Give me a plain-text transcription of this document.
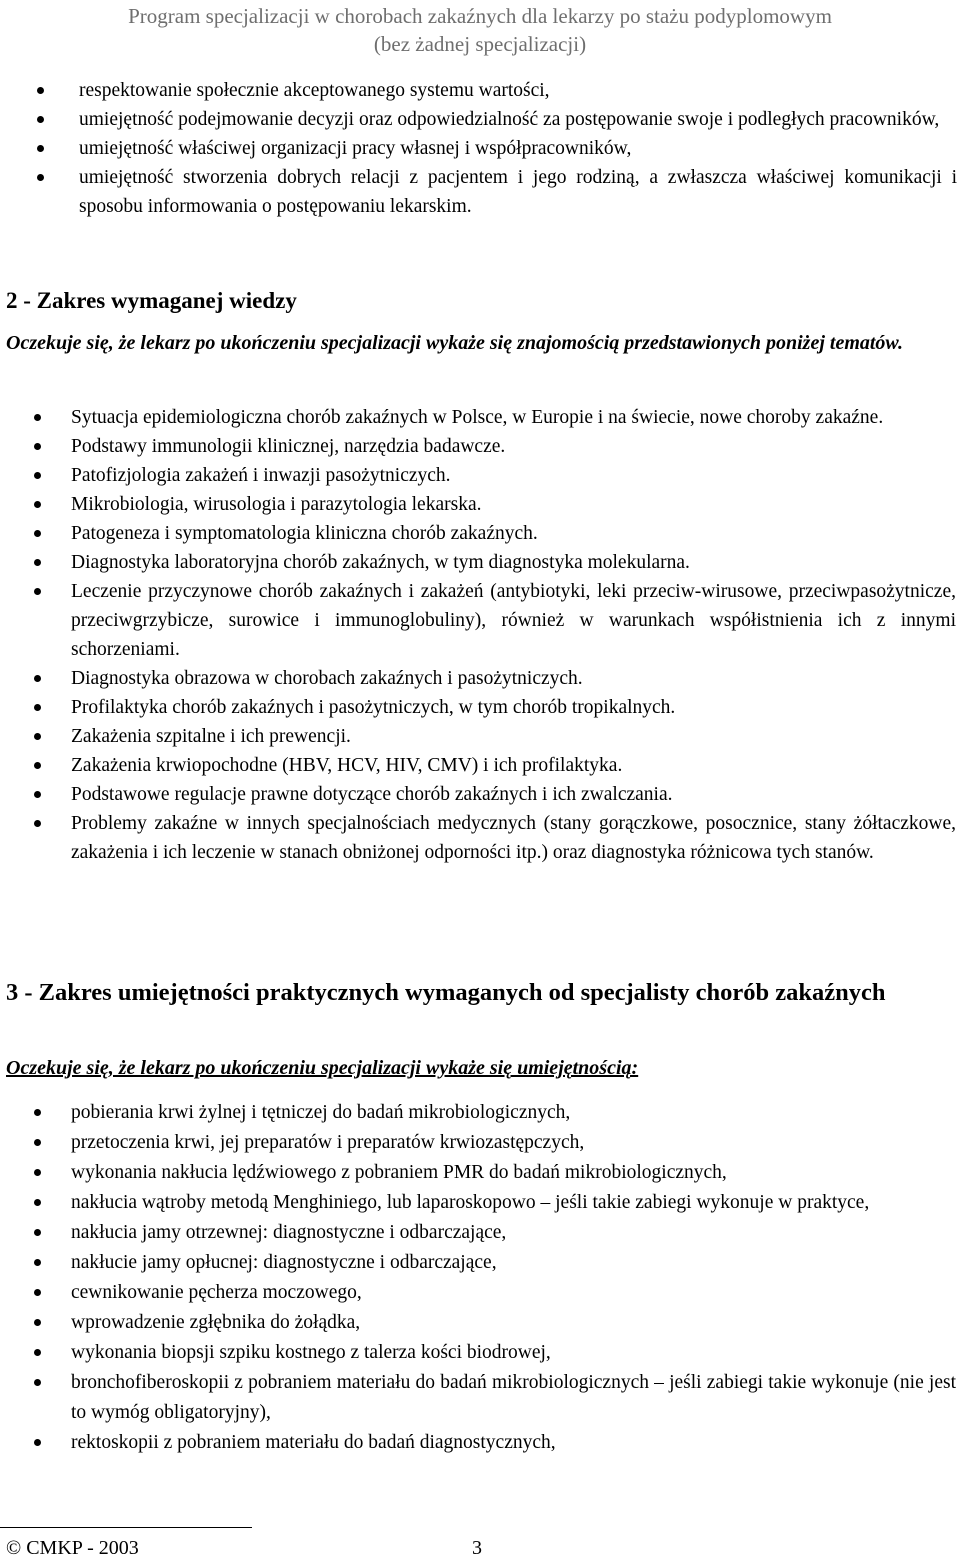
Program specjalizacji w chorobach zakaźnych dla lekarzy po stażu podyplomowym
(bez żadnej specjalizacji)
respektowanie społecznie akceptowanego systemu wartości,
umiejętność podejmowanie decyzji oraz odpowiedzialność za postępowanie swoje i podległych pracowników,
umiejętność właściwej organizacji pracy własnej i współpracowników,
umiejętność stworzenia dobrych relacji z pacjentem i jego rodziną, a zwłaszcza właściwej komunikacji i sposobu informowania o postępowaniu lekarskim.
2 - Zakres wymaganej wiedzy
Oczekuje się, że lekarz po ukończeniu specjalizacji wykaże się znajomością przedstawionych poniżej tematów.
Sytuacja epidemiologiczna chorób zakaźnych w Polsce, w Europie i na świecie, nowe choroby zakaźne.
Podstawy immunologii klinicznej, narzędzia badawcze.
Patofizjologia zakażeń i inwazji pasożytniczych.
Mikrobiologia, wirusologia i parazytologia lekarska.
Patogeneza i symptomatologia kliniczna chorób zakaźnych.
Diagnostyka laboratoryjna chorób zakaźnych, w tym diagnostyka molekularna.
Leczenie przyczynowe chorób zakaźnych i zakażeń (antybiotyki, leki przeciw-wirusowe, przeciwpasożytnicze, przeciwgrzybicze, surowice i immunoglobuliny), również w warunkach współistnienia ich z innymi schorzeniami.
Diagnostyka obrazowa w chorobach zakaźnych i pasożytniczych.
Profilaktyka chorób zakaźnych i pasożytniczych, w tym chorób tropikalnych.
Zakażenia szpitalne i ich prewencji.
Zakażenia krwiopochodne (HBV, HCV, HIV, CMV) i ich profilaktyka.
Podstawowe regulacje prawne dotyczące chorób zakaźnych i ich zwalczania.
Problemy zakaźne w innych specjalnościach medycznych (stany gorączkowe, posocznice, stany żółtaczkowe, zakażenia i ich leczenie w stanach obniżonej odporności itp.) oraz diagnostyka różnicowa tych stanów.
3 - Zakres umiejętności praktycznych wymaganych od specjalisty chorób zakaźnych
Oczekuje się, że lekarz po ukończeniu specjalizacji wykaże się umiejętnością:
pobierania krwi żylnej i tętniczej do badań mikrobiologicznych,
przetoczenia krwi, jej preparatów i preparatów krwiozastępczych,
wykonania nakłucia lędźwiowego z pobraniem PMR do badań mikrobiologicznych,
nakłucia wątroby metodą Menghiniego, lub laparoskopowo – jeśli takie zabiegi wykonuje w praktyce,
nakłucia jamy otrzewnej: diagnostyczne i odbarczające,
nakłucie jamy opłucnej: diagnostyczne i odbarczające,
cewnikowanie pęcherza moczowego,
wprowadzenie zgłębnika do żołądka,
wykonania biopsji szpiku kostnego z talerza kości biodrowej,
bronchofiberoskopii z pobraniem materiału do badań mikrobiologicznych – jeśli zabiegi takie wykonuje (nie jest to wymóg obligatoryjny),
rektoskopii z pobraniem materiału do badań diagnostycznych,
© CMKP - 2003	3
